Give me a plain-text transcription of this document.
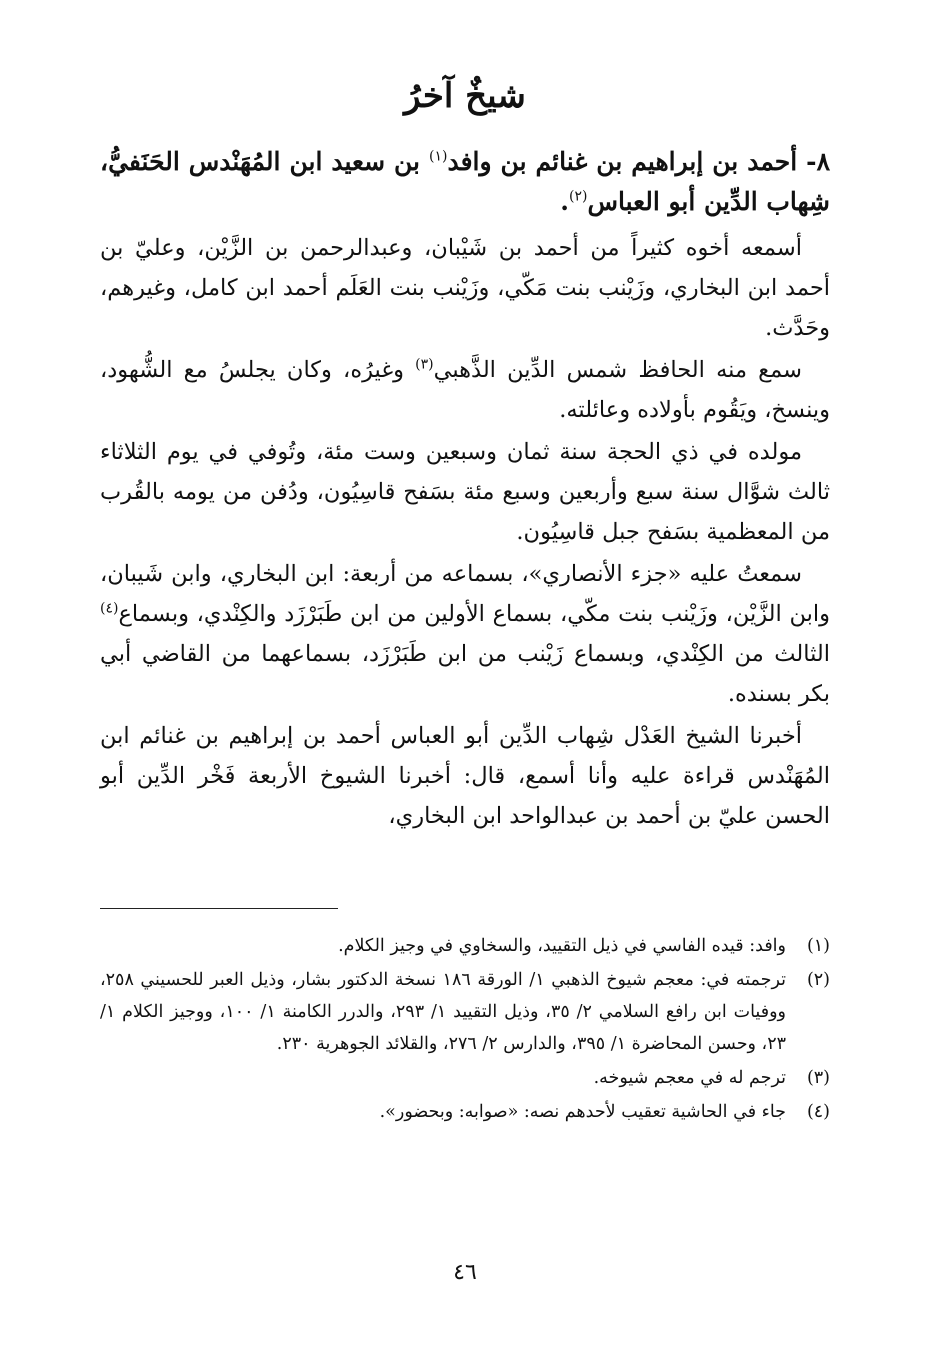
شيخٌ آخرُ
٨- أحمد بن إبراهيم بن غنائم بن وافد$^{(١)}$ بن سعيد ابن المُهَنْدس الحَنَفيُّ، شِهاب الدِّين أبو العباس$^{(٢)}$.

أسمعه أخوه كثيراً من أحمد بن شَيْبان، وعبدالرحمن بن الزَّيْن، وعليّ بن أحمد ابن البخاري، وزَيْنب بنت مَكّي، وزَيْنب بنت العَلَم أحمد ابن كامل، وغيرهم، وحَدَّث.

سمع منه الحافظ شمس الدِّين الذَّهبي$^{(٣)}$ وغيرُه، وكان يجلسُ مع الشُّهود، وينسخ، ويَقُوم بأولاده وعائلته.

مولده في ذي الحجة سنة ثمان وسبعين وست مئة، وتُوفي في يوم الثلاثاء ثالث شوَّال سنة سبع وأربعين وسبع مئة بسَفح قاسِيُون، ودُفن من يومه بالقُرب من المعظمية بسَفح جبل قاسِيُون.

سمعتُ عليه «جزء الأنصاري»، بسماعه من أربعة: ابن البخاري، وابن شَيبان، وابن الزَّيْن، وزَيْنب بنت مكّي، بسماع الأولين من ابن طَبَرْزَد والكِنْدي، وبسماع$^{(٤)}$ الثالث من الكِنْدي، وبسماع زَيْنب من ابن طَبَرْزَد، بسماعهما من القاضي أبي بكر بسنده.

أخبرنا الشيخ العَدْل شِهاب الدِّين أبو العباس أحمد بن إبراهيم بن غنائم ابن المُهَنْدس قراءة عليه وأنا أسمع، قال: أخبرنا الشيوخ الأربعة فَخْر الدِّين أبو الحسن عليّ بن أحمد بن عبدالواحد ابن البخاري،

(١)
وافد: قيده الفاسي في ذيل التقييد، والسخاوي في وجيز الكلام.
(٢)
ترجمته في: معجم شيوخ الذهبي ١/ الورقة ١٨٦ نسخة الدكتور بشار، وذيل العبر للحسيني ٢٥٨، ووفيات ابن رافع السلامي ٢/ ٣٥، وذيل التقييد ١/ ٢٩٣، والدرر الكامنة ١/ ١٠٠، ووجيز الكلام ١/ ٢٣، وحسن المحاضرة ١/ ٣٩٥، والدارس ٢/ ٢٧٦، والقلائد الجوهرية ٢٣٠.
(٣)
ترجم له في معجم شيوخه.
(٤)
جاء في الحاشية تعقيب لأحدهم نصه: «صوابه: وبحضور».
٤٦
